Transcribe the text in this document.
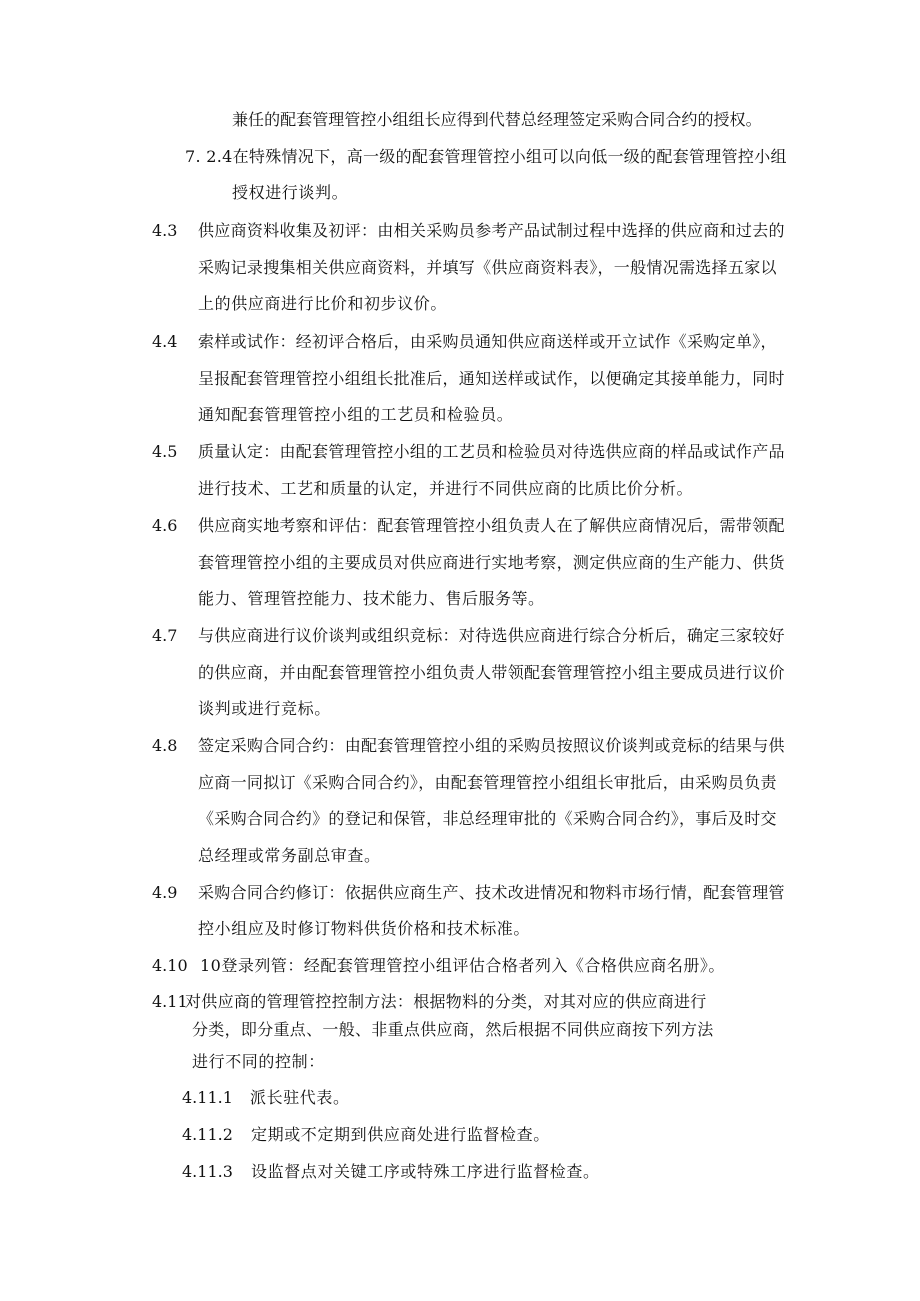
兼任的配套管理管控小组组长应得到代替总经理签定采购合同合约的授权。

7. 2.4在特殊情况下，高一级的配套管理管控小组可以向低一级的配套管理管控小组

授权进行谈判。

4.3 供应商资料收集及初评：由相关采购员参考产品试制过程中选择的供应商和过去的

采购记录搜集相关供应商资料，并填写《供应商资料表》，一般情况需选择五家以

上的供应商进行比价和初步议价。

4.4 索样或试作：经初评合格后，由采购员通知供应商送样或开立试作《采购定单》，

呈报配套管理管控小组组长批准后，通知送样或试作，以便确定其接单能力，同时

通知配套管理管控小组的工艺员和检验员。

4.5 质量认定：由配套管理管控小组的工艺员和检验员对待选供应商的样品或试作产品

进行技术、工艺和质量的认定，并进行不同供应商的比质比价分析。

4.6 供应商实地考察和评估：配套管理管控小组负责人在了解供应商情况后，需带领配

套管理管控小组的主要成员对供应商进行实地考察，测定供应商的生产能力、供货

能力、管理管控能力、技术能力、售后服务等。

4.7 与供应商进行议价谈判或组织竞标：对待选供应商进行综合分析后，确定三家较好

的供应商，并由配套管理管控小组负责人带领配套管理管控小组主要成员进行议价

谈判或进行竞标。

4.8 签定采购合同合约：由配套管理管控小组的采购员按照议价谈判或竞标的结果与供

应商一同拟订《采购合同合约》，由配套管理管控小组组长审批后，由采购员负责

《采购合同合约》的登记和保管，非总经理审批的《采购合同合约》，事后及时交

总经理或常务副总审查。

4.9 采购合同合约修订：依据供应商生产、技术改进情况和物料市场行情，配套管理管

控小组应及时修订物料供货价格和技术标准。

4.10 10登录列管：经配套管理管控小组评估合格者列入《合格供应商名册》。

4.11

对供应商的管理管控控制方法：根据物料的分类，对其对应的供应商进行

分类，即分重点、一般、非重点供应商，然后根据不同供应商按下列方法

进行不同的控制：

4.11.1 派长驻代表。

4.11.2 定期或不定期到供应商处进行监督检查。

4.11.3 设监督点对关键工序或特殊工序进行监督检查。
